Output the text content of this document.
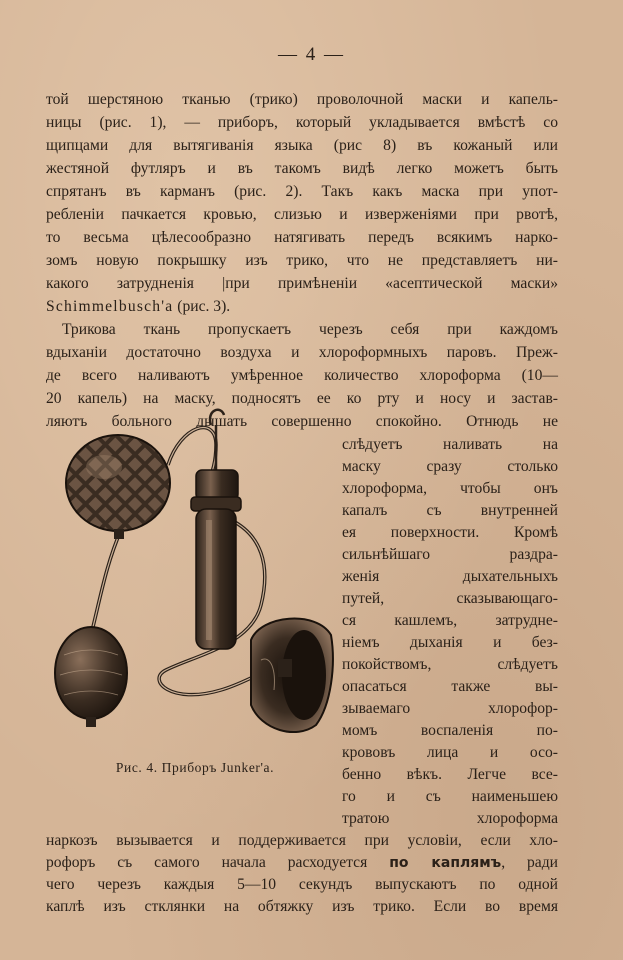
— 4 —
той шерстяною тканью (трико) проволочной маски и капель-
ницы (рис. 1), — приборъ, который укладывается вмѣстѣ со
щипцами для вытягиванія языка (рис 8) въ кожаный или
жестяной футляръ и въ такомъ видѣ легко можетъ быть
спрятанъ въ карманъ (рис. 2). Такъ какъ маска при упот-
ребленіи пачкается кровью, слизью и изверженіями при рвотѣ,
то весьма цѣлесообразно натягивать передъ всякимъ нарко-
зомъ новую покрышку изъ трико, что не представляетъ ни-
какого затрудненія |при примѣненіи «асептической маски»
Schimmelbusch'a (рис. 3).
Трикова ткань пропускаетъ черезъ себя при каждомъ
вдыханіи достаточно воздуха и хлороформныхъ паровъ. Преж-
де всего наливаютъ умѣренное количество хлороформа (10—
20 капель) на маску, подносятъ ее ко рту и носу и застав-
ляютъ больного дышать совершенно спокойно. Отнюдь не
слѣдуетъ наливать на
маску сразу столько
хлороформа, чтобы онъ
капалъ съ внутренней
ея поверхности. Кромѣ
сильнѣйшаго раздра-
женія дыхательныхъ
путей, сказывающаго-
ся кашлемъ, затрудне-
ніемъ дыханія и без-
покойствомъ, слѣдуетъ
опасаться также вы-
зываемаго хлорофор-
момъ воспаленія по-
крововъ лица и осо-
бенно вѣкъ. Легче все-
го и съ наименьшею
тратою хлороформа
Рис. 4. Приборъ Junker'a.
наркозъ вызывается и поддерживается при условіи, если хло-
рофоръ съ самого начала расходуется по каплямъ, ради
чего черезъ каждыя 5—10 секундъ выпускаютъ по одной
каплѣ изъ стклянки на обтяжку изъ трико. Если во время
